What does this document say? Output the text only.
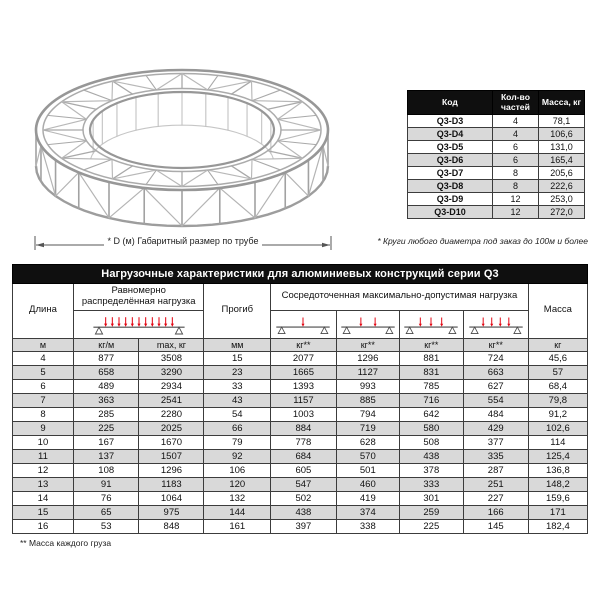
* D (м) Габаритный размер по трубе
Код	Кол-во частей	Масса, кг
Q3-D3	4	78,1
Q3-D4	4	106,6
Q3-D5	6	131,0
Q3-D6	6	165,4
Q3-D7	8	205,6
Q3-D8	8	222,6
Q3-D9	12	253,0
Q3-D10	12	272,0
* Круги любого диаметра под заказ до 100м и более
Нагрузочные характеристики для алюминиевых конструкций серии Q3								
Длина	Равномерно распределённая нагрузка		Прогиб	Сосредоточенная максимально-допустимая нагрузка				Масса

м	кг/м	max, кг	мм	кг**	кг**	кг**	кг**	кг
4	877	3508	15	2077	1296	881	724	45,6
5	658	3290	23	1665	1127	831	663	57
6	489	2934	33	1393	993	785	627	68,4
7	363	2541	43	1157	885	716	554	79,8
8	285	2280	54	1003	794	642	484	91,2
9	225	2025	66	884	719	580	429	102,6
10	167	1670	79	778	628	508	377	114
11	137	1507	92	684	570	438	335	125,4
12	108	1296	106	605	501	378	287	136,8
13	91	1183	120	547	460	333	251	148,2
14	76	1064	132	502	419	301	227	159,6
15	65	975	144	438	374	259	166	171
16	53	848	161	397	338	225	145	182,4
** Масса каждого груза
